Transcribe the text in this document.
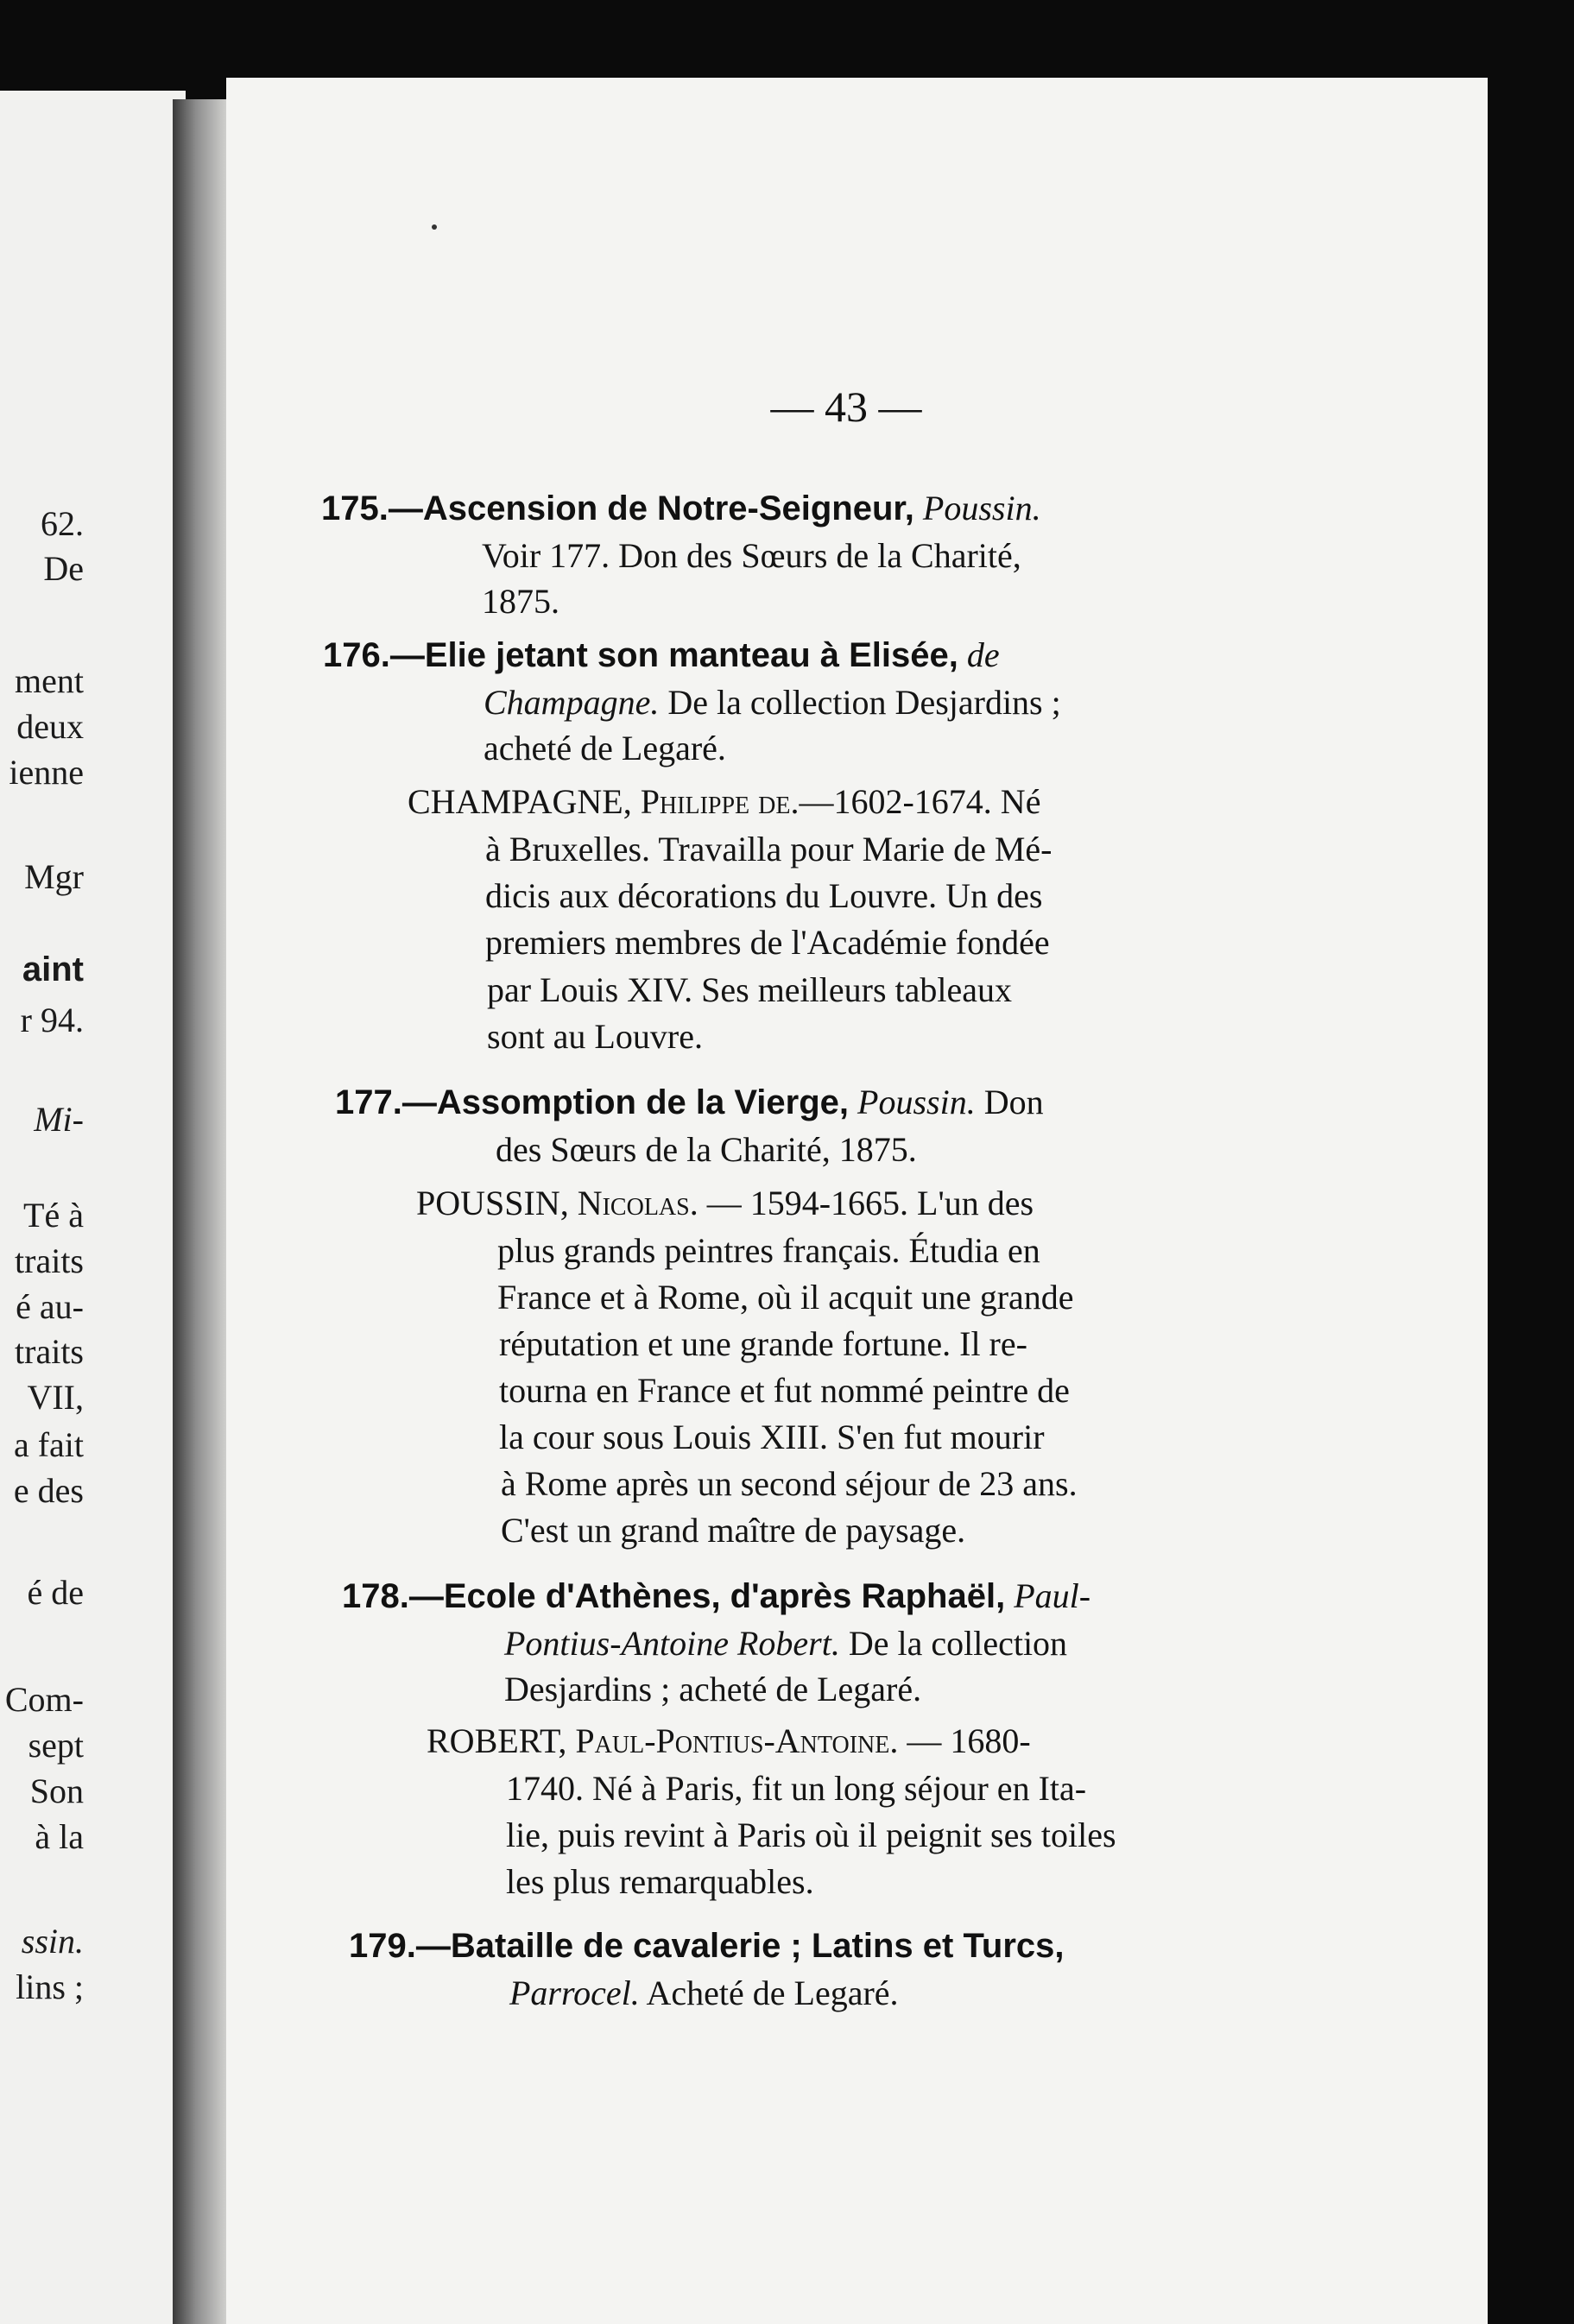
62.
De
ment
deux
ienne
Mgr
aint
r 94.
Mi-
Té à
traits
é au-
traits
VII,
a fait
e des
é de
Com-
sept
Son
à la
ssin.
lins ;
— 43 —
175.—Ascension de Notre-Seigneur, Poussin.
Voir 177. Don des Sœurs de la Charité,
1875.
176.—Elie jetant son manteau à Elisée, de
Champagne. De la collection Desjardins ;
acheté de Legaré.
CHAMPAGNE, Philippe de.—1602-1674. Né
à Bruxelles. Travailla pour Marie de Mé-
dicis aux décorations du Louvre. Un des
premiers membres de l'Académie fondée
par Louis XIV. Ses meilleurs tableaux
sont au Louvre.
177.—Assomption de la Vierge, Poussin. Don
des Sœurs de la Charité, 1875.
POUSSIN, Nicolas. — 1594-1665. L'un des
plus grands peintres français. Étudia en
France et à Rome, où il acquit une grande
réputation et une grande fortune. Il re-
tourna en France et fut nommé peintre de
la cour sous Louis XIII. S'en fut mourir
à Rome après un second séjour de 23 ans.
C'est un grand maître de paysage.
178.—Ecole d'Athènes, d'après Raphaël, Paul-
Pontius-Antoine Robert. De la collection
Desjardins ; acheté de Legaré.
ROBERT, Paul-Pontius-Antoine. — 1680-
1740. Né à Paris, fit un long séjour en Ita-
lie, puis revint à Paris où il peignit ses toiles
les plus remarquables.
179.—Bataille de cavalerie ; Latins et Turcs,
Parrocel. Acheté de Legaré.
